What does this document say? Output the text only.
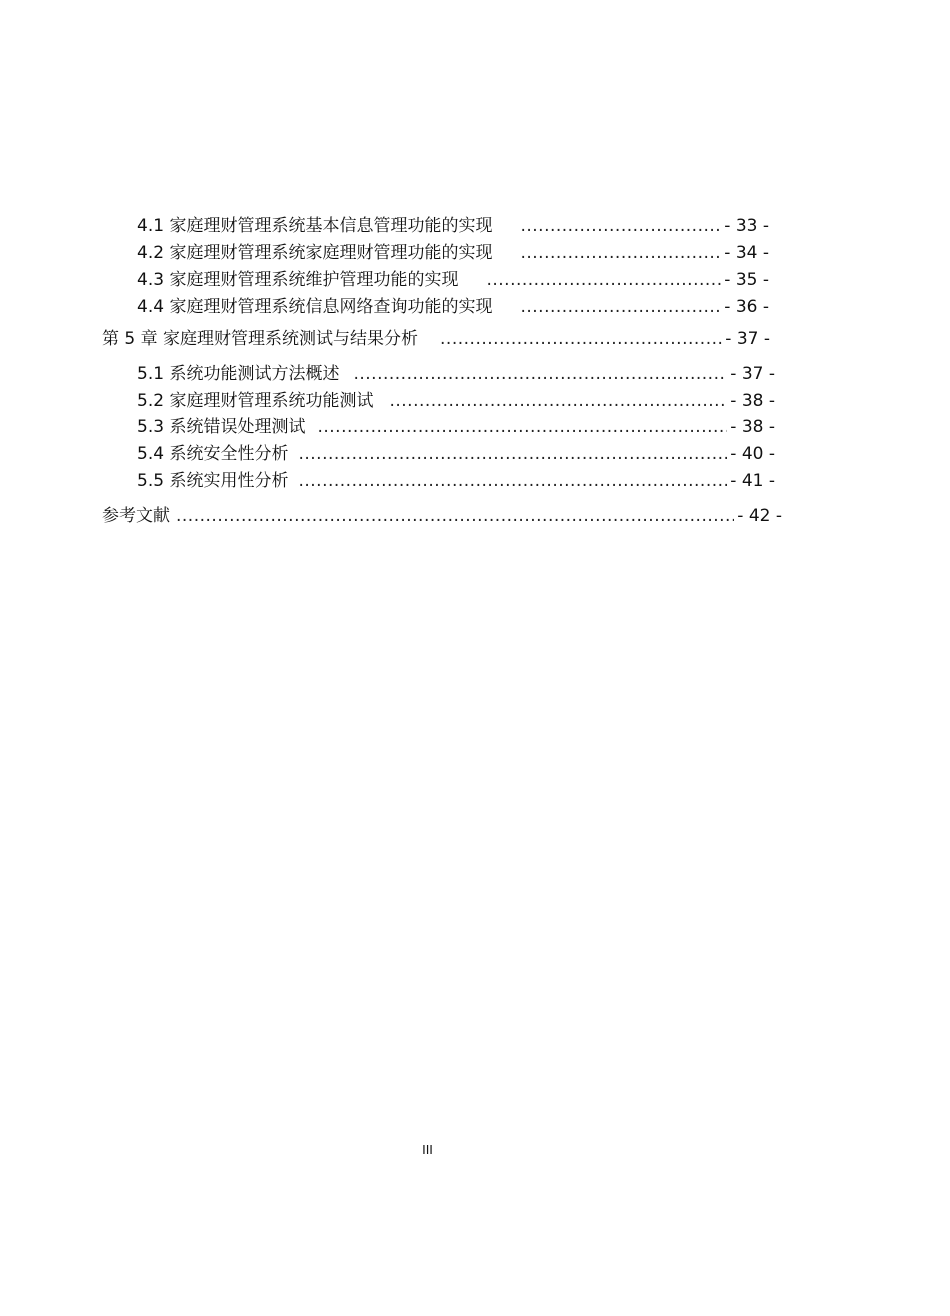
4.1 家庭理财管理系统基本信息管理功能的实现 .....	- 33 -
4.2 家庭理财管理系统家庭理财管理功能的实现 .....	- 34 -
4.3 家庭理财管理系统维护管理功能的实现 .....	- 35 -
4.4 家庭理财管理系统信息网络查询功能的实现 .....	- 36 -
第 5 章 家庭理财管理系统测试与结果分析 .....	- 37 -
5.1 系统功能测试方法概述 .....	- 37 -
5.2 家庭理财管理系统功能测试 .....	- 38 -
5.3 系统错误处理测试 .....	- 38 -
5.4 系统安全性分析 .....	- 40 -
5.5 系统实用性分析 .....	- 41 -
参考文献 .....	- 42 -
III
